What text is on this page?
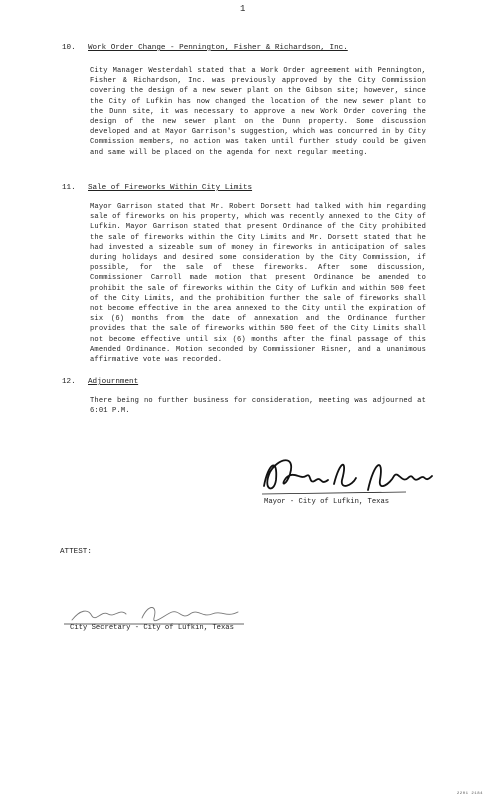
1
10.	Work Order Change - Pennington, Fisher & Richardson, Inc.
City Manager Westerdahl stated that a Work Order agreement with Pennington, Fisher & Richardson, Inc. was previously approved by the City Commission covering the design of a new sewer plant on the Gibson site; however, since the City of Lufkin has now changed the location of the new sewer plant to the Dunn site, it was necessary to approve a new Work Order covering the design of the new sewer plant on the Dunn property. Some discussion developed and at Mayor Garrison's suggestion, which was concurred in by City Commission members, no action was taken until further study could be given and same will be placed on the agenda for next regular meeting.
11.	Sale of Fireworks Within City Limits
Mayor Garrison stated that Mr. Robert Dorsett had talked with him regarding sale of fireworks on his property, which was recently annexed to the City of Lufkin. Mayor Garrison stated that present Ordinance of the City prohibited the sale of fireworks within the City Limits and Mr. Dorsett stated that he had invested a sizeable sum of money in fireworks in anticipation of sales during holidays and desired some consideration by the City Commission, if possible, for the sale of these fireworks. After some discussion, Commissioner Carroll made motion that present Ordinance be amended to prohibit the sale of fireworks within the City of Lufkin and within 500 feet of the City Limits, and the prohibition further the sale of fireworks shall not become effective in the area annexed to the City until the expiration of six (6) months from the date of annexation and the Ordinance further provides that the sale of fireworks within 500 feet of the City Limits shall not become effective until six (6) months after the final passage of this Amended Ordinance. Motion seconded by Commissioner Risner, and a unanimous affirmative vote was recorded.
12.	Adjournment
There being no further business for consideration, meeting was adjourned at 6:01 P.M.
Mayor - City of Lufkin, Texas
ATTEST:
City Secretary - City of Lufkin, Texas
2201 2184
